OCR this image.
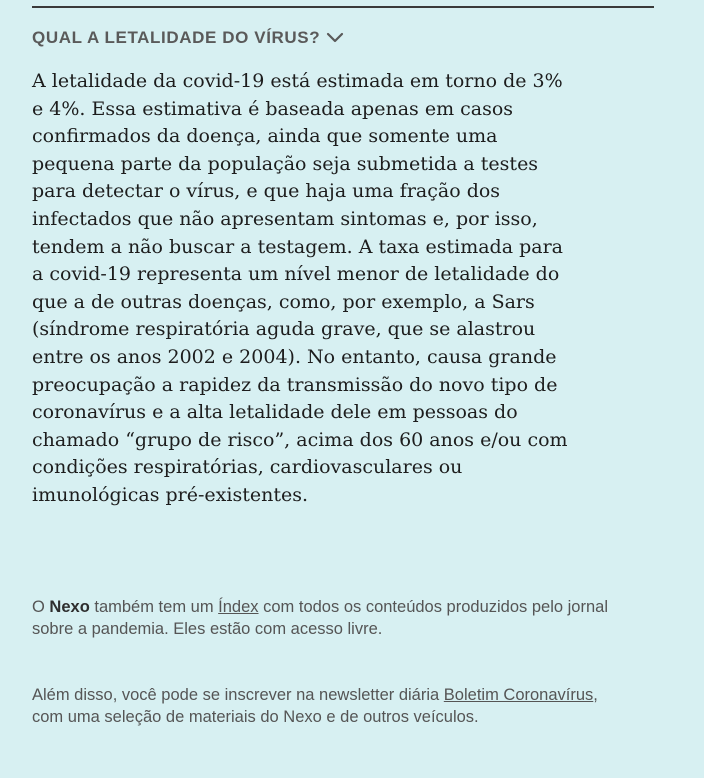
QUAL A LETALIDADE DO VÍRUS?

A letalidade da covid-19 está estimada em torno de 3% e 4%. Essa estimativa é baseada apenas em casos confirmados da doença, ainda que somente uma pequena parte da população seja submetida a testes para detectar o vírus, e que haja uma fração dos infectados que não apresentam sintomas e, por isso, tendem a não buscar a testagem. A taxa estimada para a covid-19 representa um nível menor de letalidade do que a de outras doenças, como, por exemplo, a Sars (síndrome respiratória aguda grave, que se alastrou entre os anos 2002 e 2004). No entanto, causa grande preocupação a rapidez da transmissão do novo tipo de coronavírus e a alta letalidade dele em pessoas do chamado “grupo de risco”, acima dos 60 anos e/ou com condições respiratórias, cardiovasculares ou imunológicas pré-existentes.

O Nexo também tem um Índex com todos os conteúdos produzidos pelo jornal sobre a pandemia. Eles estão com acesso livre.

Além disso, você pode se inscrever na newsletter diária Boletim Coronavírus, com uma seleção de materiais do Nexo e de outros veículos.
